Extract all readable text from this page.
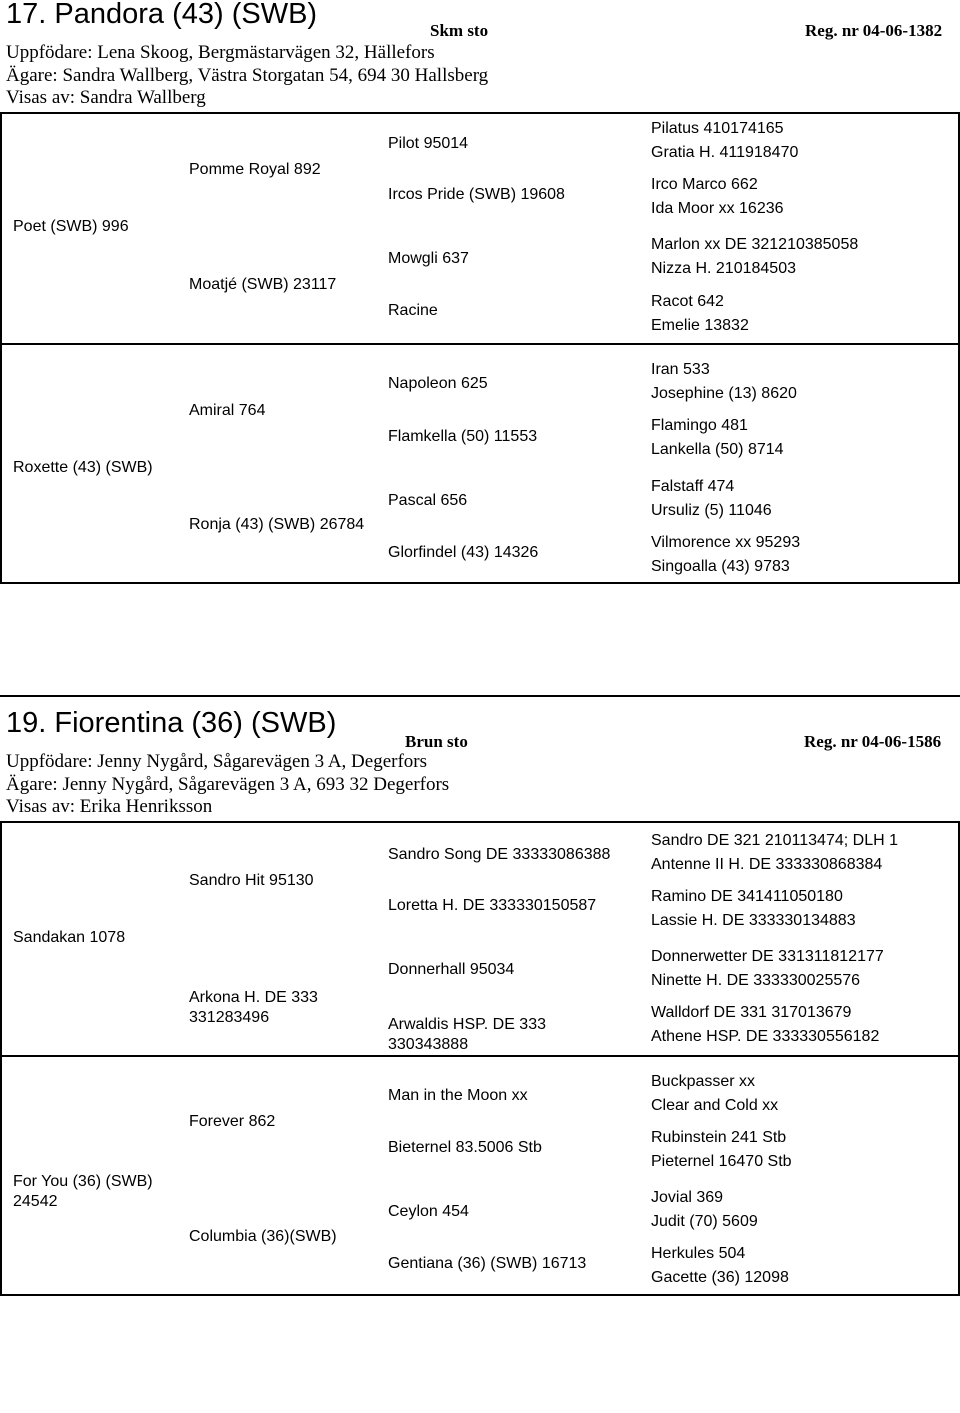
17. Pandora (43) (SWB)
Skm sto	Reg. nr 04-06-1382
Uppfödare: Lena Skoog, Bergmästarvägen 32, Hällefors
Ägare: Sandra Wallberg, Västra Storgatan 54, 694 30 Hallsberg
Visas av: Sandra Wallberg
Poet (SWB) 996
Roxette (43) (SWB)
Pomme Royal 892
Moatjé (SWB) 23117
Amiral 764
Ronja (43) (SWB) 26784
Pilot 95014
Ircos Pride (SWB) 19608
Mowgli 637
Racine
Napoleon 625
Flamkella (50) 11553
Pascal 656
Glorfindel (43) 14326
Pilatus 410174165
Gratia H. 411918470
Irco Marco 662
Ida Moor xx 16236
Marlon xx DE 321210385058
Nizza H. 210184503
Racot 642
Emelie 13832
Iran 533
Josephine (13) 8620
Flamingo 481
Lankella (50) 8714
Falstaff 474
Ursuliz (5) 11046
Vilmorence xx 95293
Singoalla (43) 9783
19. Fiorentina (36) (SWB)
Brun sto	Reg. nr 04-06-1586
Uppfödare: Jenny Nygård, Sågarevägen 3 A, Degerfors
Ägare: Jenny Nygård, Sågarevägen 3 A, 693 32 Degerfors
Visas av: Erika Henriksson
Sandakan 1078
For You (36) (SWB) 24542
Sandro Hit 95130
Arkona H. DE 333 331283496
Forever 862
Columbia (36)(SWB)
Sandro Song DE 33333086388
Loretta H. DE 333330150587
Donnerhall 95034
Arwaldis HSP. DE 333 330343888
Man in the Moon xx
Bieternel 83.5006 Stb
Ceylon 454
Gentiana (36) (SWB) 16713
Sandro DE 321 210113474; DLH 1
Antenne II H. DE 333330868384
Ramino DE 341411050180
Lassie H. DE 333330134883
Donnerwetter DE 331311812177
Ninette H. DE 333330025576
Walldorf DE 331 317013679
Athene HSP. DE 333330556182
Buckpasser xx
Clear and Cold xx
Rubinstein 241 Stb
Pieternel 16470 Stb
Jovial 369
Judit (70) 5609
Herkules 504
Gacette (36) 12098
